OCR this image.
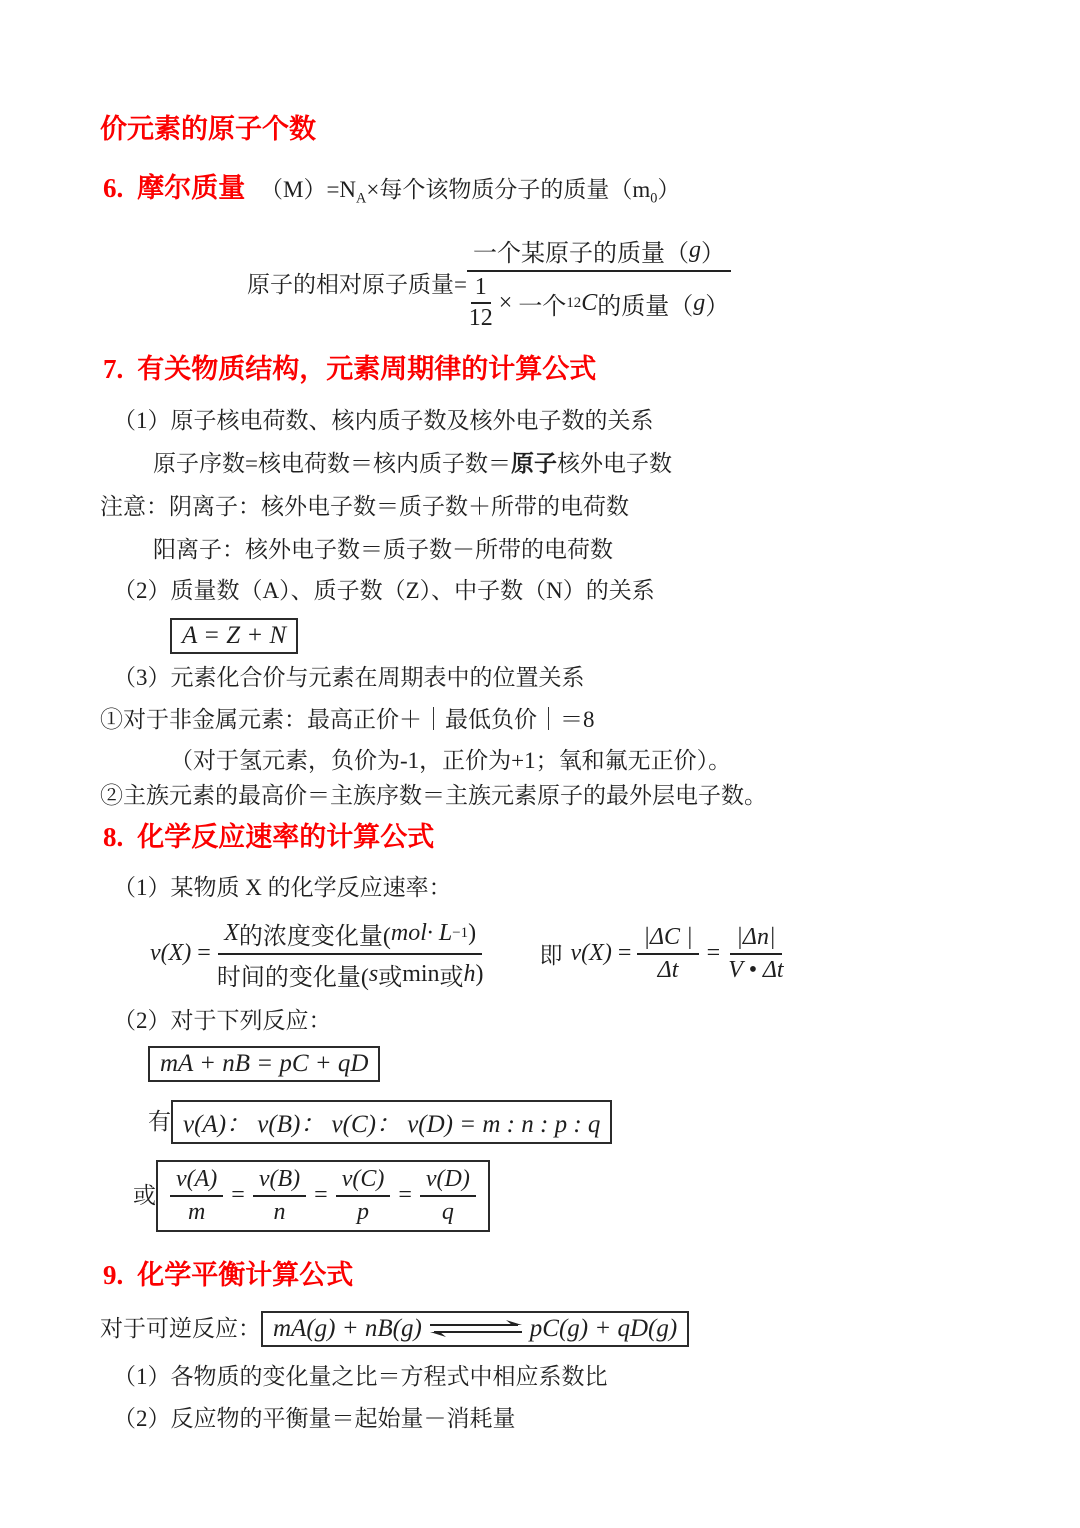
价元素的原子个数
6. 摩尔质量 $(M)=N_A\times$每个该物质分子的质量$(m_0)$
原子的相对原子质量= $\frac{\text{一个某原子的质量（ g ）}}{\frac{1}{12} \times 一个 12 C 的质量( g )}$
7. 有关物质结构，元素周期律的计算公式
（1）原子核电荷数、核内质子数及核外电子数的关系
原子序数=核电荷数＝核内质子数＝原子核外电子数
注意：阴离子：核外电子数＝质子数＋所带的电荷数
阳离子：核外电子数＝质子数－所带的电荷数
（2）质量数（A）、质子数（Z）、中子数（N）的关系
A = Z + N
（3）元素化合价与元素在周期表中的位置关系
①对于非金属元素：最高正价＋｜最低负价｜＝8
（对于氢元素，负价为-1，正价为+1；氧和氟无正价）。
②主族元素的最高价＝主族序数＝主族元素原子的最外层电子数。
8. 化学反应速率的计算公式
（1）某物质 X 的化学反应速率：
$v(X) = \frac{\text{X 的浓度变化量( mol· L −1 )}}{\text{时间的变化量( s 或 min 或 h )}}$ 即 $v(X) = \frac{|\Delta C |}{\Delta t} = \frac{|\Delta n|}{V • \Delta t}$
（2）对于下列反应：
mA + nB = pC + qD
有 v(A)： v(B)： v(C)： v(D) = m : n : p : q
或 $\frac{v(A)}{m} = \frac{v(B)}{n} = \frac{v(C)}{p} = \frac{v(D)}{q}$
9. 化学平衡计算公式
对于可逆反应： mA(g) + nB(g) ⇌ pC(g) + qD(g)
（1）各物质的变化量之比＝方程式中相应系数比
（2）反应物的平衡量＝起始量－消耗量
